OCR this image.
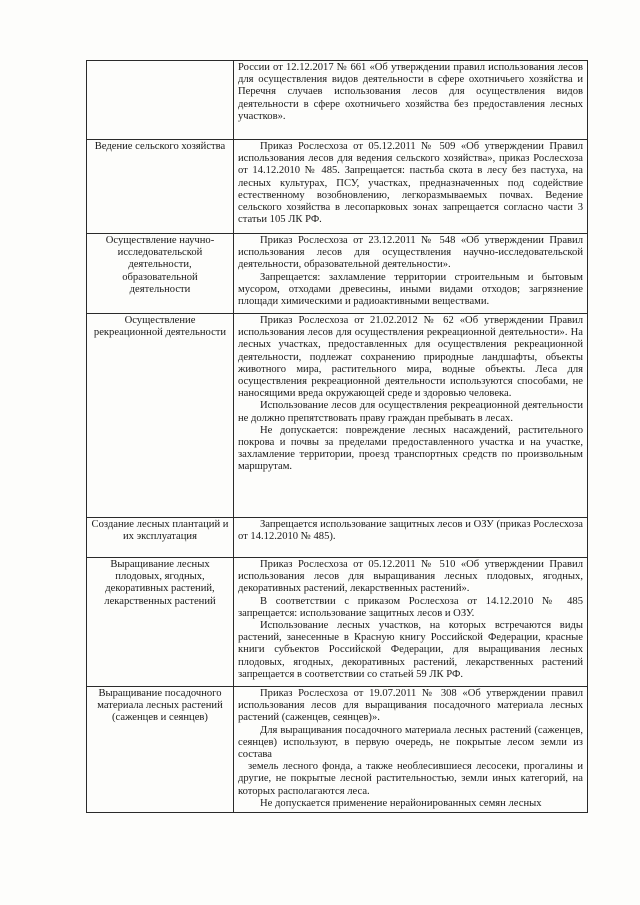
	России от 12.12.2017 № 661 «Об утверждении правил использования лесов для осуществления видов деятельности в сфере охотничьего хозяйства и Перечня случаев использования лесов для осуществления видов деятельности в сфере охотничьего хозяйства без предоставления лесных участков».

Ведение сельского хозяйства	Приказ Рослесхоза от 05.12.2011 № 509 «Об утверждении Правил использования лесов для ведения сельского хозяйства», приказ Рослесхоза от 14.12.2010 № 485. Запрещается: пастьба скота в лесу без пастуха, на лесных культурах, ПСУ, участках, предназначенных под содействие естественному возобновлению, легкоразмываемых почвах. Ведение сельского хозяйства в лесопарковых зонах запрещается согласно части 3 статьи 105 ЛК РФ.

Осуществление научно-исследовательской деятельности, образовательной деятельности	Приказ Рослесхоза от 23.12.2011 № 548 «Об утверждении Правил использования лесов для осуществления научно-исследовательской деятельности, образовательной деятельности».

Запрещается: захламление территории строительным и бытовым мусором, отходами древесины, иными видами отходов; загрязнение площади химическими и радиоактивными веществами.

Осуществление рекреационной деятельности	Приказ Рослесхоза от 21.02.2012 № 62 «Об утверждении Правил использования лесов для осуществления рекреационной деятельности». На лесных участках, предоставленных для осуществления рекреационной деятельности, подлежат сохранению природные ландшафты, объекты животного мира, растительного мира, водные объекты. Леса для осуществления рекреационной деятельности используются способами, не наносящими вреда окружающей среде и здоровью человека.

Использование лесов для осуществления рекреационной деятельности не должно препятствовать праву граждан пребывать в лесах.

Не допускается: повреждение лесных насаждений, растительного покрова и почвы за пределами предоставленного участка и на участке, захламление территории, проезд транспортных средств по произвольным маршрутам.

Создание лесных плантаций и их эксплуатация	Запрещается использование защитных лесов и ОЗУ (приказ Рослесхоза от 14.12.2010 № 485).

Выращивание лесных плодовых, ягодных, декоративных растений, лекарственных растений	Приказ Рослесхоза от 05.12.2011 № 510 «Об утверждении Правил использования лесов для выращивания лесных плодовых, ягодных, декоративных растений, лекарственных растений».

В соответствии с приказом Рослесхоза от 14.12.2010 № 485 запрещается: использование защитных лесов и ОЗУ.

Использование лесных участков, на которых встречаются виды растений, занесенные в Красную книгу Российской Федерации, красные книги субъектов Российской Федерации, для выращивания лесных плодовых, ягодных, декоративных растений, лекарственных растений запрещается в соответствии со статьей 59 ЛК РФ.

Выращивание посадочного материала лесных растений (саженцев и сеянцев)	Приказ Рослесхоза от 19.07.2011 № 308 «Об утверждении правил использования лесов для выращивания посадочного материала лесных растений (саженцев, сеянцев)».

Для выращивания посадочного материала лесных растений (саженцев, сеянцев) используют, в первую очередь, не покрытые лесом земли из состава

земель лесного фонда, а также необлесившиеся лесосеки, прогалины и другие, не покрытые лесной растительностью, земли иных категорий, на которых располагаются леса.

Не допускается применение нерайонированных семян лесных
